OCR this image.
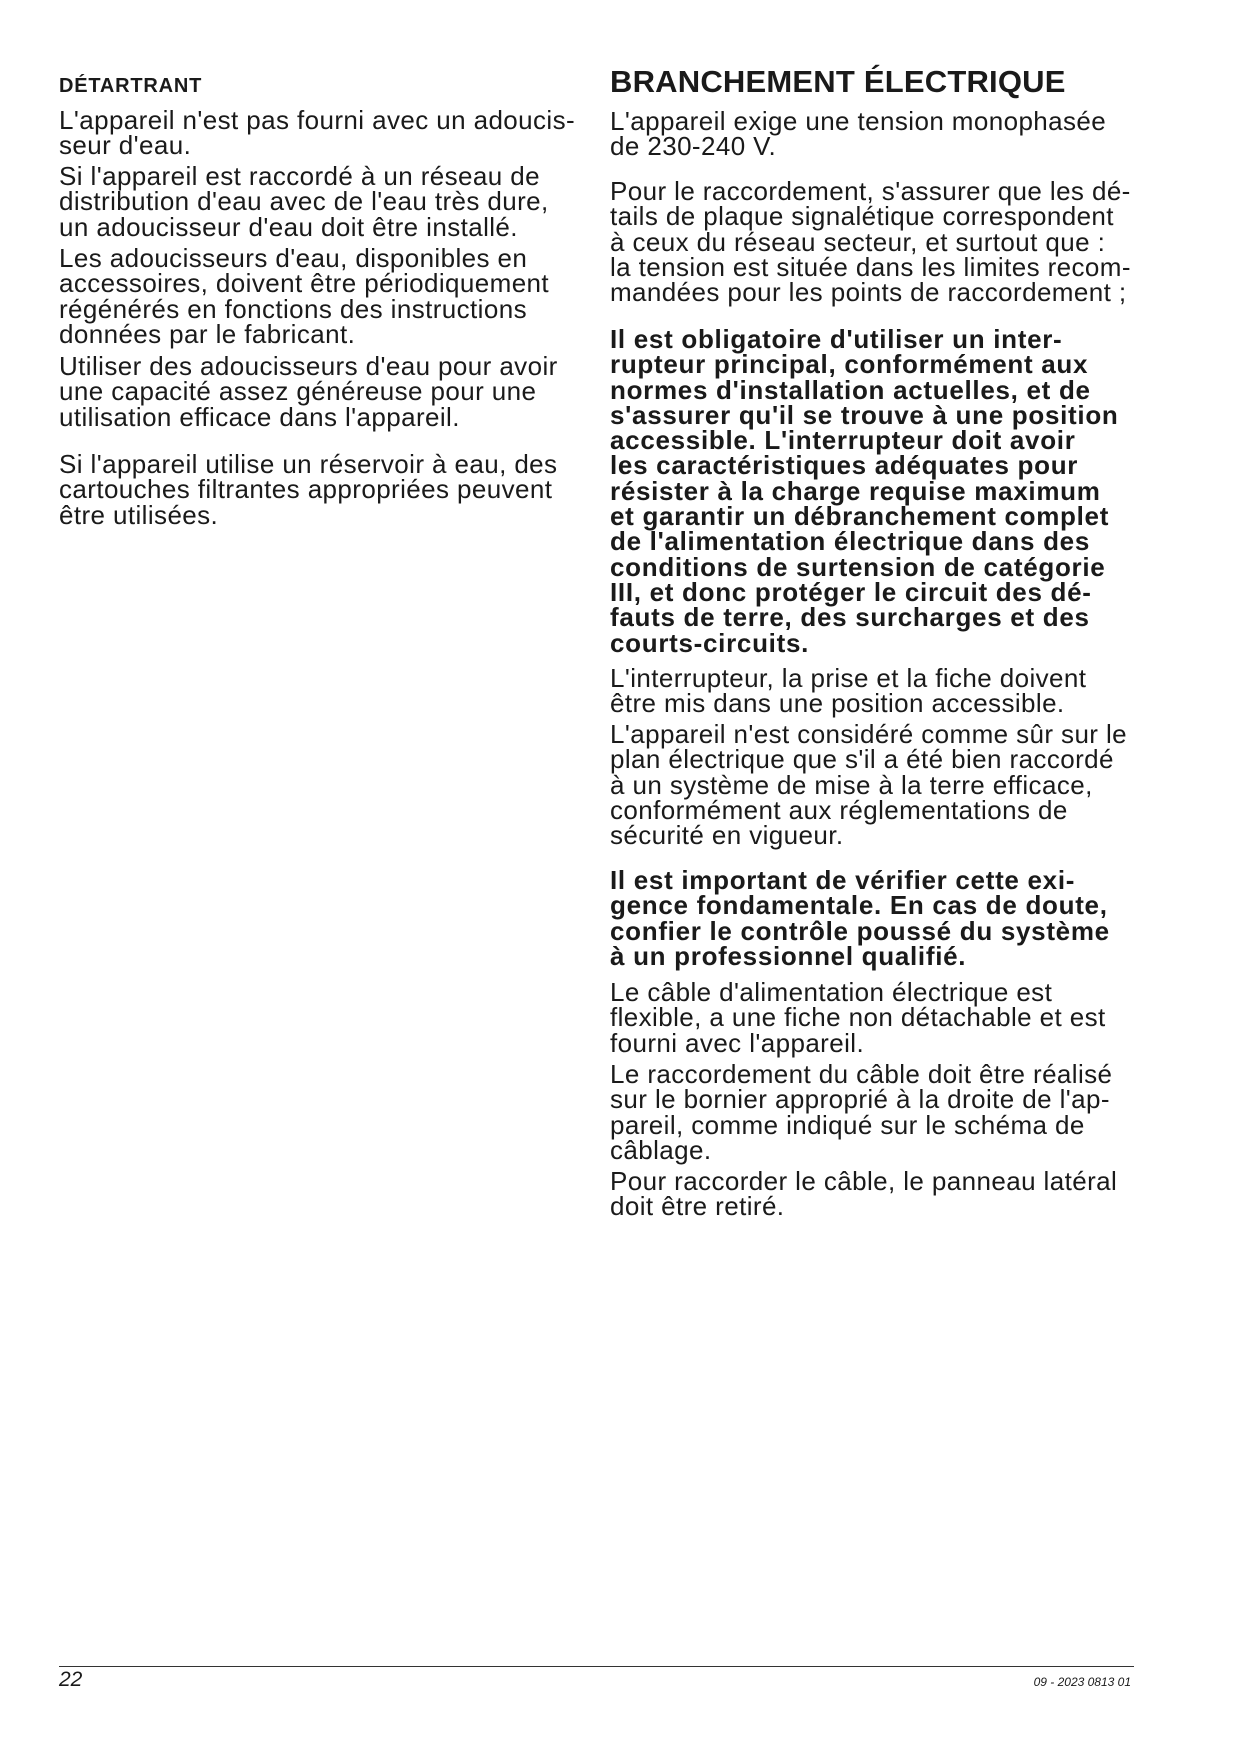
DÉTARTRANT
L'appareil n'est pas fourni avec un adoucis-
seur d'eau.
Si l'appareil est raccordé à un réseau de
distribution d'eau avec de l'eau très dure,
un adoucisseur d'eau doit être installé.
Les adoucisseurs d'eau, disponibles en
accessoires, doivent être périodiquement
régénérés en fonctions des instructions
données par le fabricant.
Utiliser des adoucisseurs d'eau pour avoir
une capacité assez généreuse pour une
utilisation efficace dans l'appareil.
Si l'appareil utilise un réservoir à eau, des
cartouches filtrantes appropriées peuvent
être utilisées.
BRANCHEMENT ÉLECTRIQUE
L'appareil exige une tension monophasée
de 230-240 V.
Pour le raccordement, s'assurer que les dé-
tails de plaque signalétique correspondent
à ceux du réseau secteur, et surtout que :
la tension est située dans les limites recom-
mandées pour les points de raccordement ;
Il est obligatoire d'utiliser un inter-
rupteur principal, conformément aux
normes d'installation actuelles, et de
s'assurer qu'il se trouve à une position
accessible. L'interrupteur doit avoir
les caractéristiques adéquates pour
résister à la charge requise maximum
et garantir un débranchement complet
de l'alimentation électrique dans des
conditions de surtension de catégorie
III, et donc protéger le circuit des dé-
fauts de terre, des surcharges et des
courts-circuits.
L'interrupteur, la prise et la fiche doivent
être mis dans une position accessible.
L'appareil n'est considéré comme sûr sur le
plan électrique que s'il a été bien raccordé
à un système de mise à la terre efficace,
conformément aux réglementations de
sécurité en vigueur.
Il est important de vérifier cette exi-
gence fondamentale. En cas de doute,
confier le contrôle poussé du système
à un professionnel qualifié.
Le câble d'alimentation électrique est
flexible, a une fiche non détachable et est
fourni avec l'appareil.
Le raccordement du câble doit être réalisé
sur le bornier approprié à la droite de l'ap-
pareil, comme indiqué sur le schéma de
câblage.
Pour raccorder le câble, le panneau latéral
doit être retiré.
22	09 - 2023 0813 01
